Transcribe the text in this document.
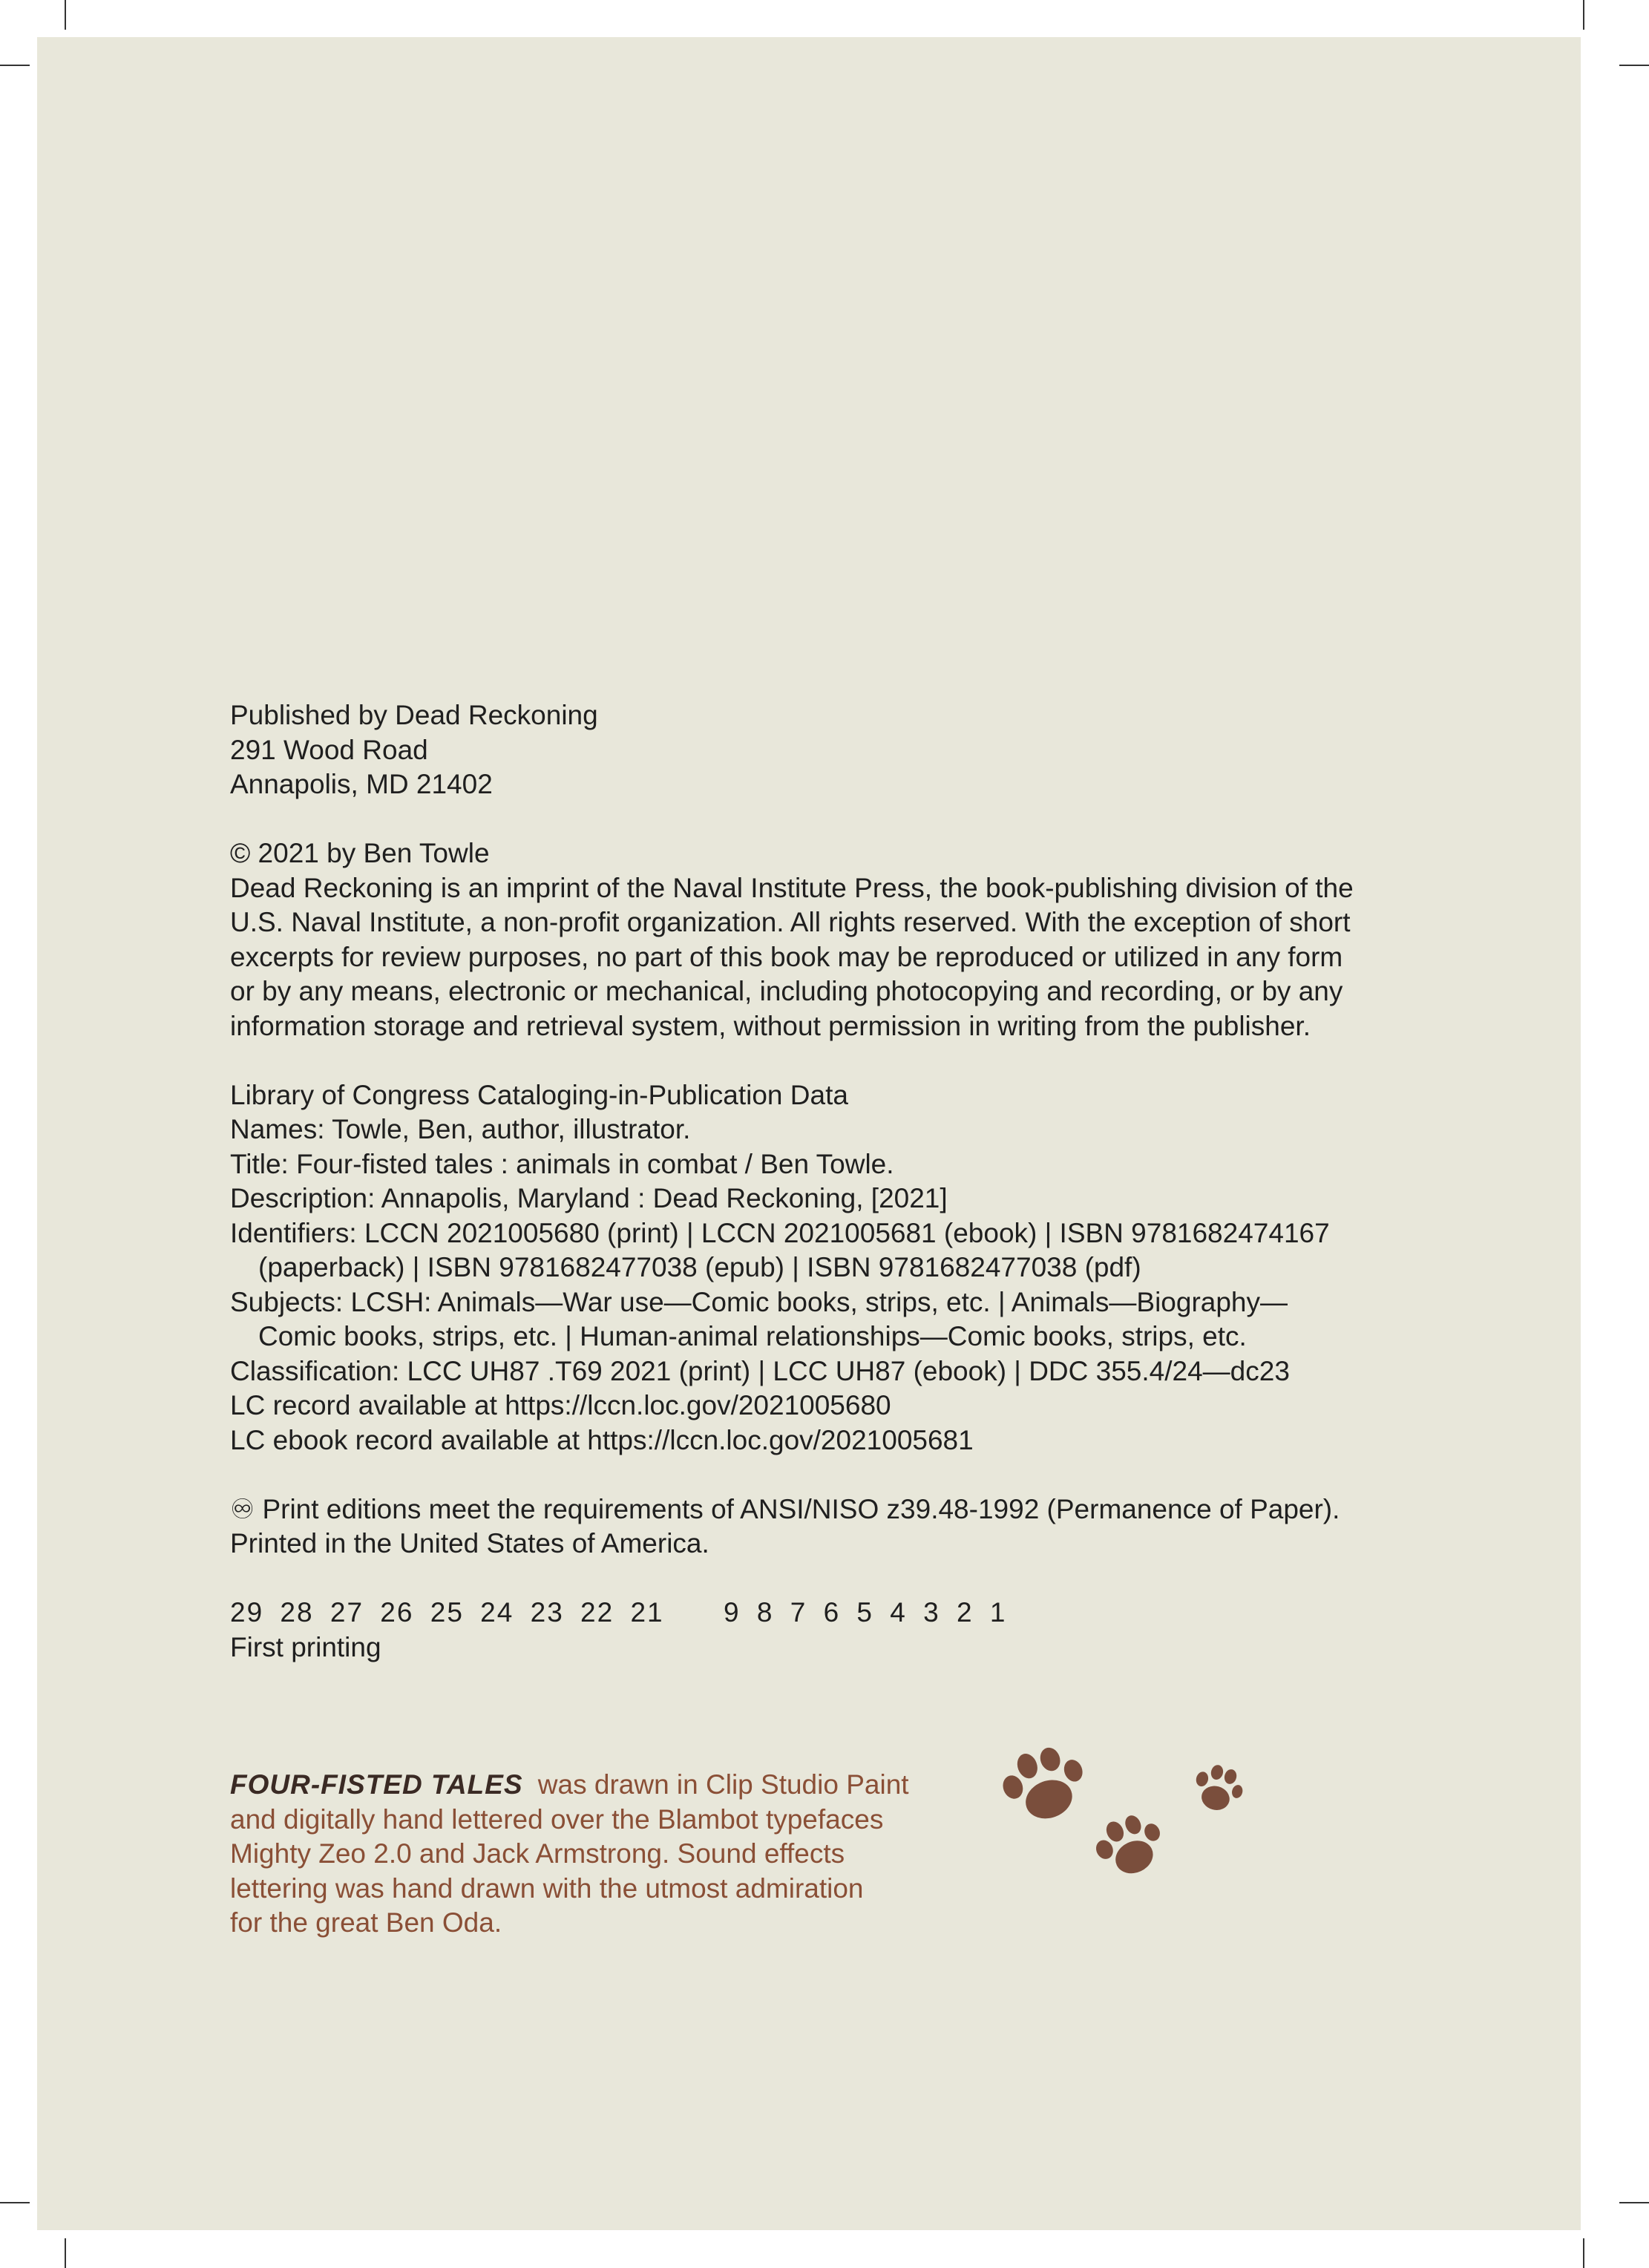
Published by Dead Reckoning
291 Wood Road
Annapolis, MD 21402
© 2021 by Ben Towle
Dead Reckoning is an imprint of the Naval Institute Press, the book-publishing division of the
U.S. Naval Institute, a non-profit organization. All rights reserved. With the exception of short
excerpts for review purposes, no part of this book may be reproduced or utilized in any form
or by any means, electronic or mechanical, including photocopying and recording, or by any
information storage and retrieval system, without permission in writing from the publisher.
Library of Congress Cataloging-in-Publication Data
Names: Towle, Ben, author, illustrator.
Title: Four-fisted tales : animals in combat / Ben Towle.
Description: Annapolis, Maryland : Dead Reckoning, [2021]
Identifiers: LCCN 2021005680 (print) | LCCN 2021005681 (ebook) | ISBN 9781682474167
(paperback) | ISBN 9781682477038 (epub) | ISBN 9781682477038 (pdf)
Subjects: LCSH: Animals—War use—Comic books, strips, etc. | Animals—Biography—
Comic books, strips, etc. | Human-animal relationships—Comic books, strips, etc.
Classification: LCC UH87 .T69 2021 (print) | LCC UH87 (ebook) | DDC 355.4/24—dc23
LC record available at https://lccn.loc.gov/2021005680
LC ebook record available at https://lccn.loc.gov/2021005681
♾ Print editions meet the requirements of ANSI/NISO z39.48-1992 (Permanence of Paper).
Printed in the United States of America.
29 28 27 26 25 24 23 22 21	9 8 7 6 5 4 3 2 1
First printing
FOUR-FISTED TALES was drawn in Clip Studio Paint
and digitally hand lettered over the Blambot typefaces
Mighty Zeo 2.0 and Jack Armstrong. Sound effects
lettering was hand drawn with the utmost admiration
for the great Ben Oda.
